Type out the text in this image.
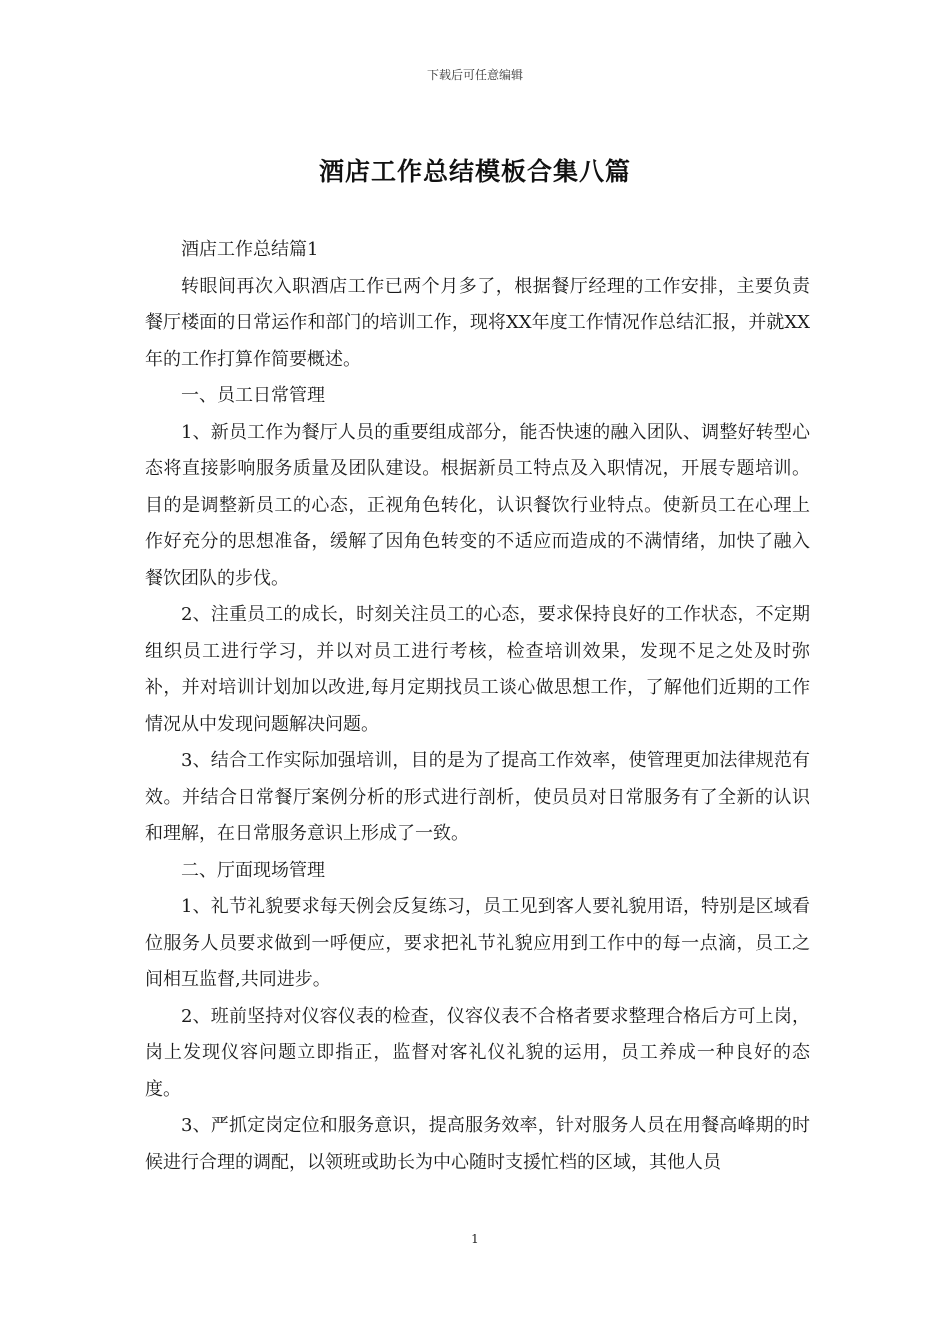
下载后可任意编辑
酒店工作总结模板合集八篇

酒店工作总结篇1

转眼间再次入职酒店工作已两个月多了，根据餐厅经理的工作安排，主要负责餐厅楼面的日常运作和部门的培训工作，现将XX年度工作情况作总结汇报，并就XX年的工作打算作简要概述。

一、员工日常管理

1、新员工作为餐厅人员的重要组成部分，能否快速的融入团队、调整好转型心态将直接影响服务质量及团队建设。根据新员工特点及入职情况，开展专题培训。目的是调整新员工的心态，正视角色转化，认识餐饮行业特点。使新员工在心理上作好充分的思想准备，缓解了因角色转变的不适应而造成的不满情绪，加快了融入餐饮团队的步伐。

2、注重员工的成长，时刻关注员工的心态，要求保持良好的工作状态，不定期组织员工进行学习，并以对员工进行考核，检查培训效果，发现不足之处及时弥补，并对培训计划加以改进,每月定期找员工谈心做思想工作，了解他们近期的工作情况从中发现问题解决问题。

3、结合工作实际加强培训，目的是为了提高工作效率，使管理更加法律规范有效。并结合日常餐厅案例分析的形式进行剖析，使员员对日常服务有了全新的认识和理解，在日常服务意识上形成了一致。

二、厅面现场管理

1、礼节礼貌要求每天例会反复练习，员工见到客人要礼貌用语，特别是区域看位服务人员要求做到一呼便应，要求把礼节礼貌应用到工作中的每一点滴，员工之间相互监督,共同进步。

2、班前坚持对仪容仪表的检查，仪容仪表不合格者要求整理合格后方可上岗，岗上发现仪容问题立即指正，监督对客礼仪礼貌的运用，员工养成一种良好的态度。

3、严抓定岗定位和服务意识，提高服务效率，针对服务人员在用餐高峰期的时候进行合理的调配，以领班或助长为中心随时支援忙档的区域，其他人员

1
